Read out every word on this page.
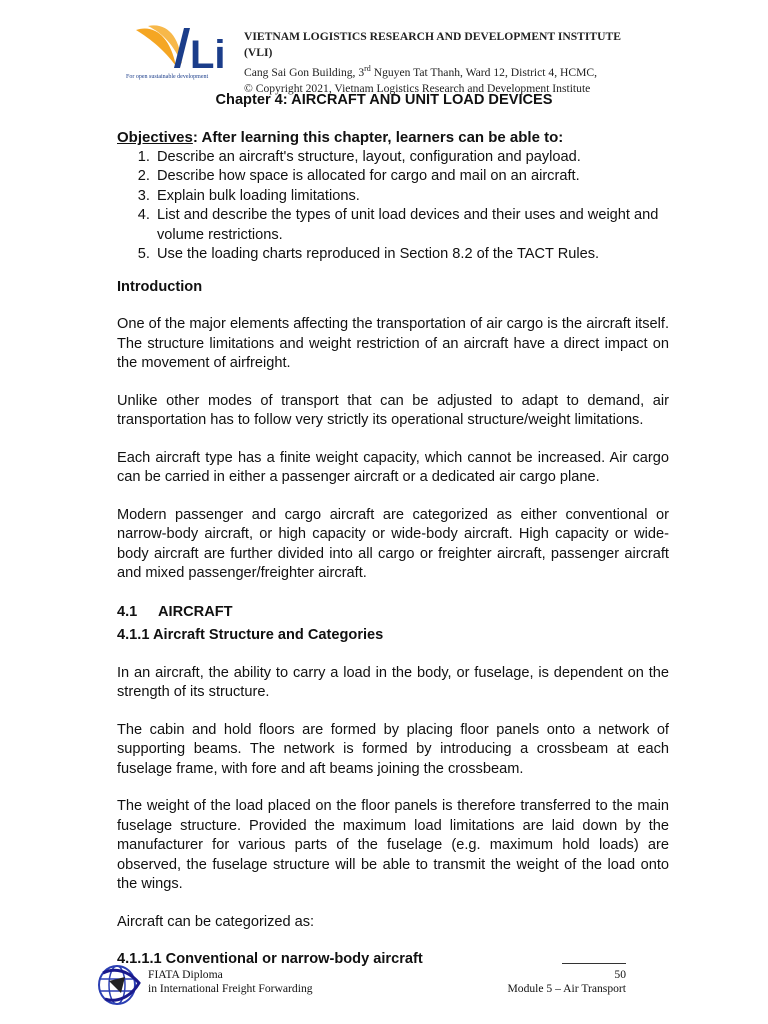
Li
For open sustainable development
VIETNAM LOGISTICS RESEARCH AND DEVELOPMENT INSTITUTE (VLI)
Cang Sai Gon Building, 3rd Nguyen Tat Thanh, Ward 12, District 4, HCMC,
© Copyright 2021, Vietnam Logistics Research and Development Institute
Chapter 4: AIRCRAFT AND UNIT LOAD DEVICES
Objectives: After learning this chapter, learners can be able to:
1. Describe an aircraft's structure, layout, configuration and payload.
2. Describe how space is allocated for cargo and mail on an aircraft.
3. Explain bulk loading limitations.
4. List and describe the types of unit load devices and their uses and weight and volume restrictions.
5. Use the loading charts reproduced in Section 8.2 of the TACT Rules.
Introduction

One of the major elements affecting the transportation of air cargo is the aircraft itself. The structure limitations and weight restriction of an aircraft have a direct impact on the movement of airfreight.

Unlike other modes of transport that can be adjusted to adapt to demand, air transportation has to follow very strictly its operational structure/weight limitations.

Each aircraft type has a finite weight capacity, which cannot be increased. Air cargo can be carried in either a passenger aircraft or a dedicated air cargo plane.

Modern passenger and cargo aircraft are categorized as either conventional or narrow-body aircraft, or high capacity or wide-body aircraft. High capacity or wide-body aircraft are further divided into all cargo or freighter aircraft, passenger aircraft and mixed passenger/freighter aircraft.

4.1 AIRCRAFT
4.1.1 Aircraft Structure and Categories

In an aircraft, the ability to carry a load in the body, or fuselage, is dependent on the strength of its structure.

The cabin and hold floors are formed by placing floor panels onto a network of supporting beams. The network is formed by introducing a crossbeam at each fuselage frame, with fore and aft beams joining the crossbeam.

The weight of the load placed on the floor panels is therefore transferred to the main fuselage structure. Provided the maximum load limitations are laid down by the manufacturer for various parts of the fuselage (e.g. maximum hold loads) are observed, the fuselage structure will be able to transmit the weight of the load onto the wings.

Aircraft can be categorized as:

4.1.1.1 Conventional or narrow-body aircraft
FIATA Diploma
in International Freight Forwarding
50
Module 5 – Air Transport
